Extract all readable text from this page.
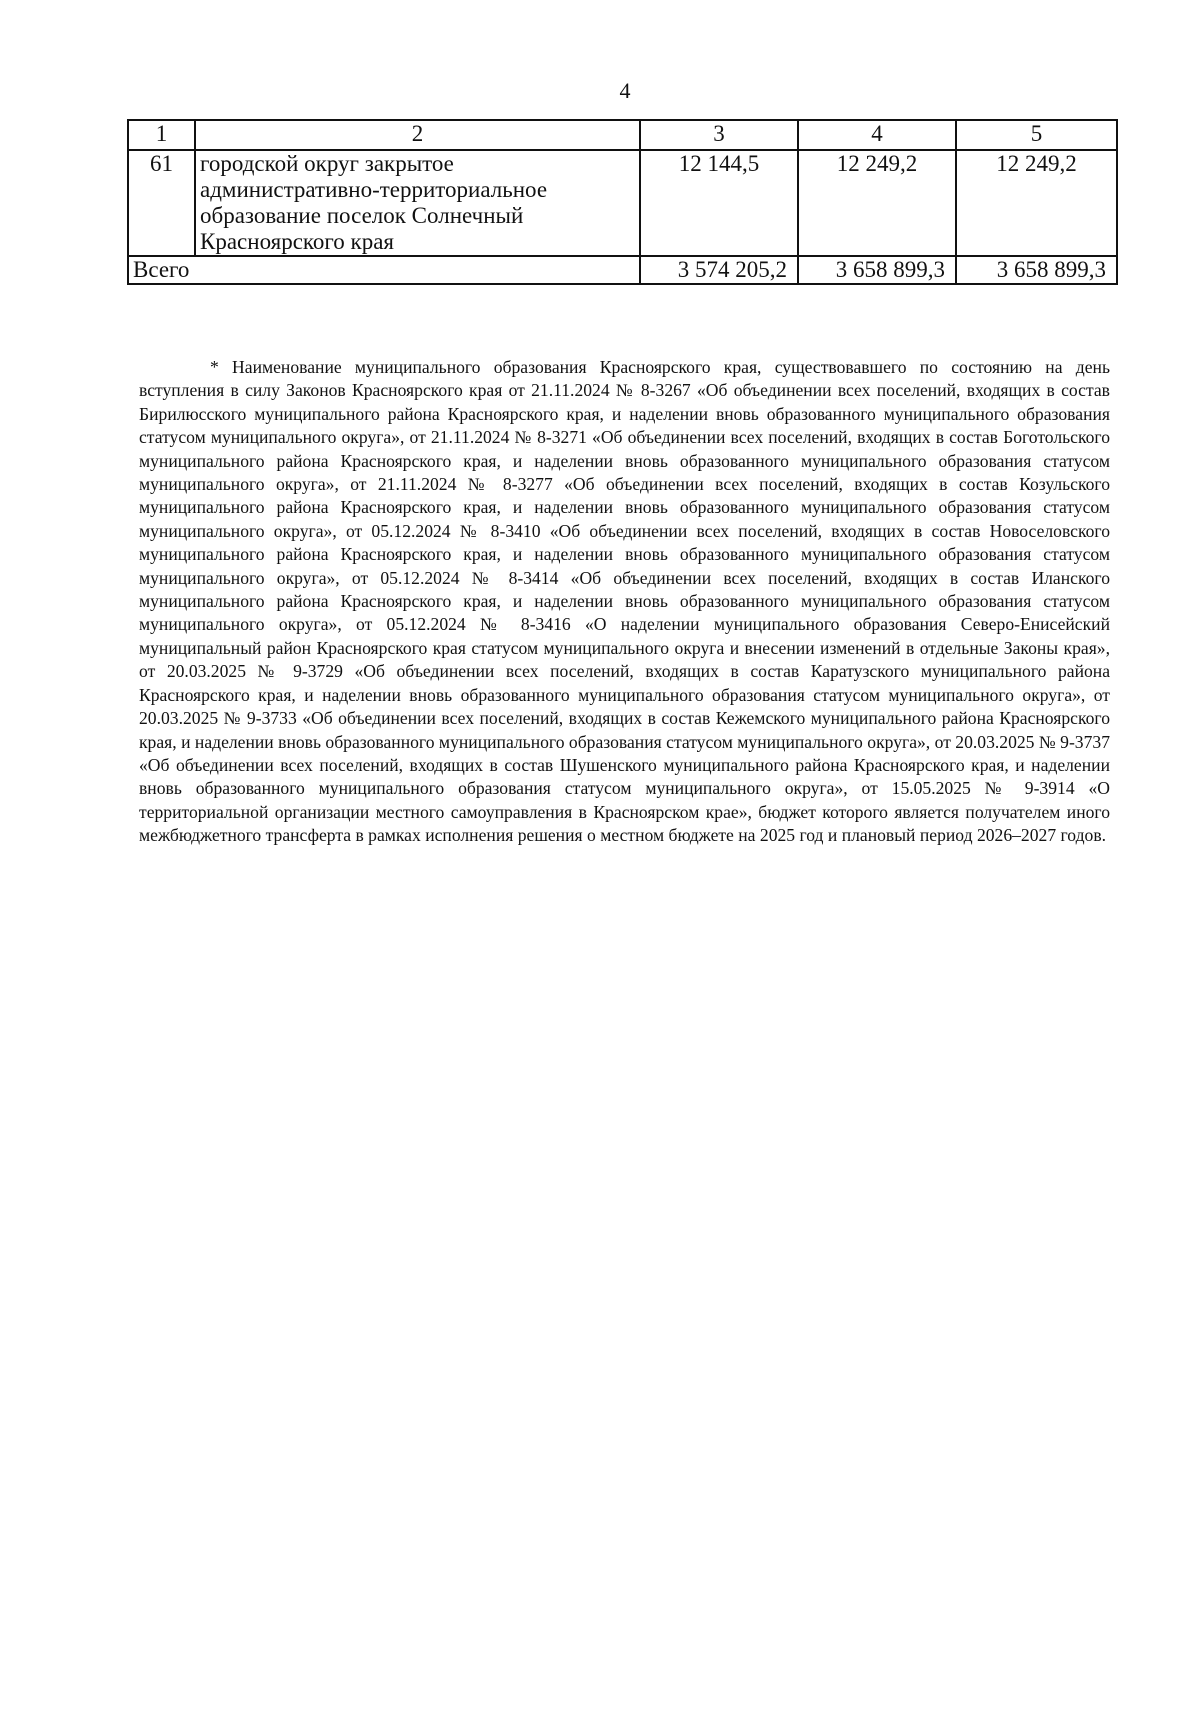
4
1	2	3	4	5
61	городской округ закрытое административно-территориальное образование поселок Солнечный Красноярского края	12 144,5	12 249,2	12 249,2
Всего		3 574 205,2	3 658 899,3	3 658 899,3

* Наименование муниципального образования Красноярского края, существовавшего по состоянию на день вступления в силу Законов Красноярского края от 21.11.2024 № 8-3267 «Об объединении всех поселений, входящих в состав Бирилюсского муниципального района Красноярского края, и наделении вновь образованного муниципального образования статусом муниципального округа», от 21.11.2024 № 8-3271 «Об объединении всех поселений, входящих в состав Боготольского муниципального района Красноярского края, и наделении вновь образованного муниципального образования статусом муниципального округа», от 21.11.2024 № 8-3277 «Об объединении всех поселений, входящих в состав Козульского муниципального района Красноярского края, и наделении вновь образованного муниципального образования статусом муниципального округа», от 05.12.2024 № 8-3410 «Об объединении всех поселений, входящих в состав Новоселовского муниципального района Красноярского края, и наделении вновь образованного муниципального образования статусом муниципального округа», от 05.12.2024 № 8-3414 «Об объединении всех поселений, входящих в состав Иланского муниципального района Красноярского края, и наделении вновь образованного муниципального образования статусом муниципального округа», от 05.12.2024 № 8-3416 «О наделении муниципального образования Северо-Енисейский муниципальный район Красноярского края статусом муниципального округа и внесении изменений в отдельные Законы края», от 20.03.2025 № 9-3729 «Об объединении всех поселений, входящих в состав Каратузского муниципального района Красноярского края, и наделении вновь образованного муниципального образования статусом муниципального округа», от 20.03.2025 № 9-3733 «Об объединении всех поселений, входящих в состав Кежемского муниципального района Красноярского края, и наделении вновь образованного муниципального образования статусом муниципального округа», от 20.03.2025 № 9-3737 «Об объединении всех поселений, входящих в состав Шушенского муниципального района Красноярского края, и наделении вновь образованного муниципального образования статусом муниципального округа», от 15.05.2025 № 9-3914 «О территориальной организации местного самоуправления в Красноярском крае», бюджет которого является получателем иного межбюджетного трансферта в рамках исполнения решения о местном бюджете на 2025 год и плановый период 2026–2027 годов.
